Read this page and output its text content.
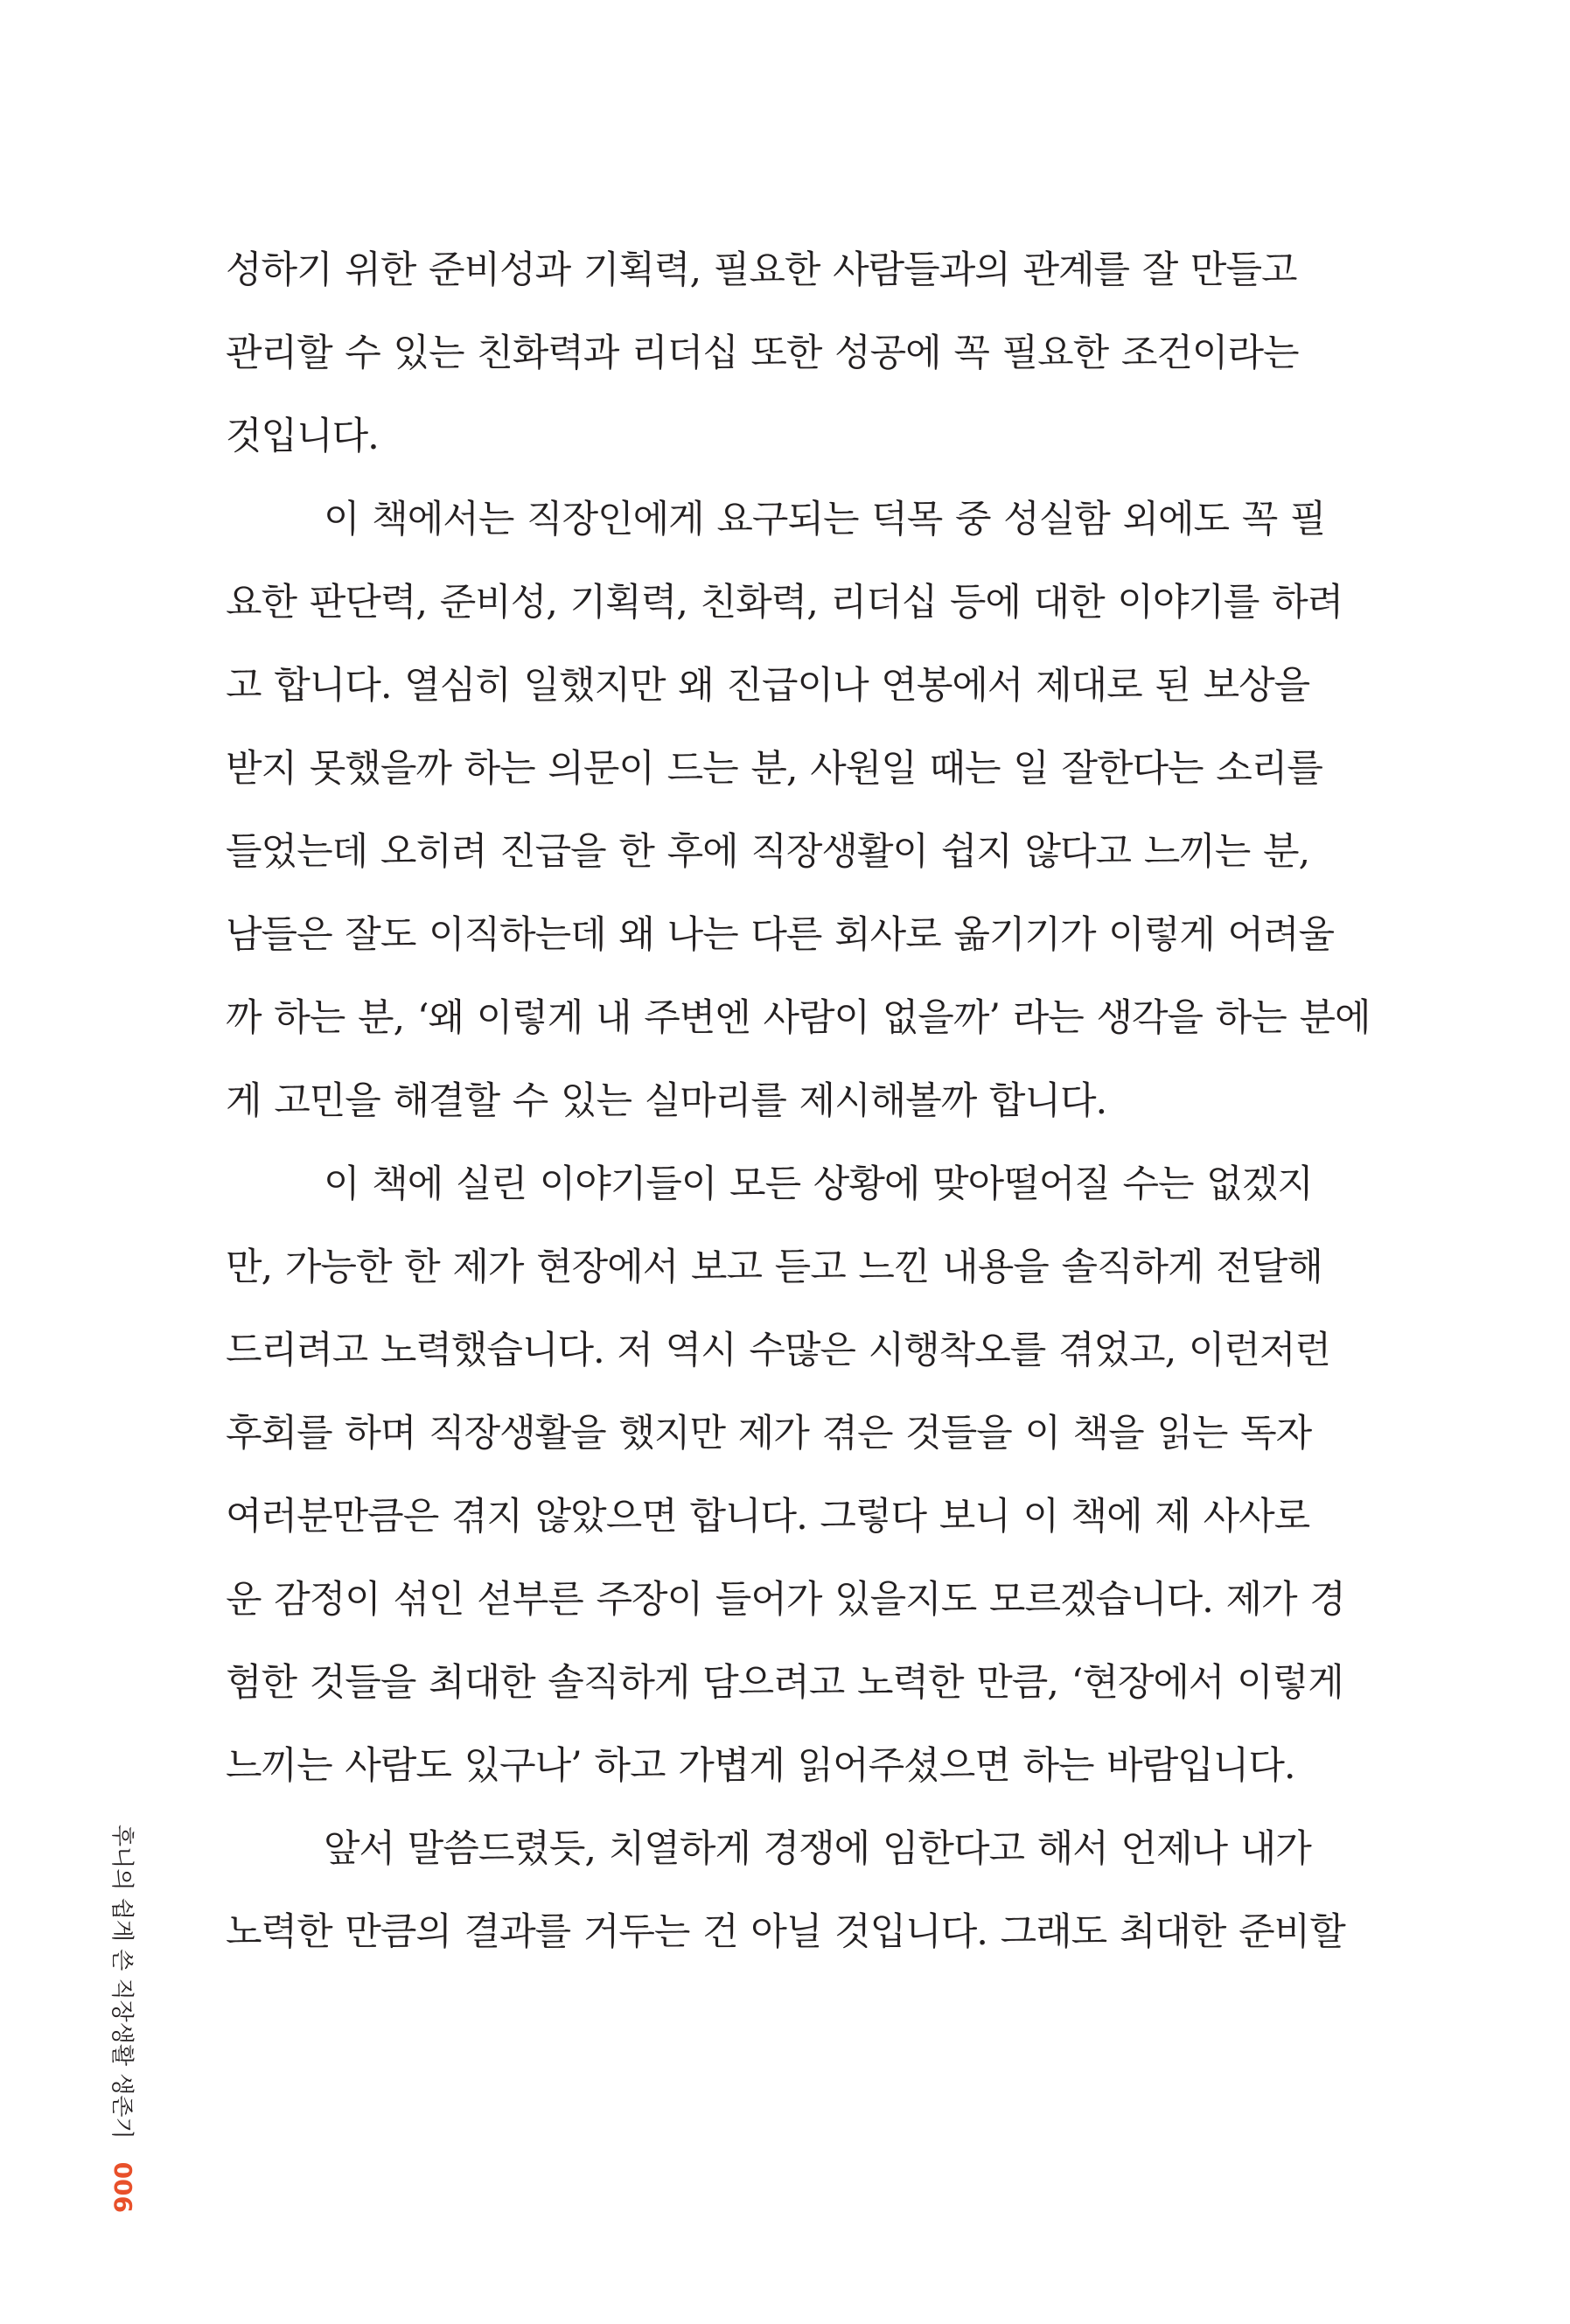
성하기 위한 준비성과 기획력, 필요한 사람들과의 관계를 잘 만들고
관리할 수 있는 친화력과 리더십 또한 성공에 꼭 필요한 조건이라는
것입니다.
이 책에서는 직장인에게 요구되는 덕목 중 성실함 외에도 꼭 필
요한 판단력, 준비성, 기획력, 친화력, 리더십 등에 대한 이야기를 하려
고 합니다. 열심히 일했지만 왜 진급이나 연봉에서 제대로 된 보상을
받지 못했을까 하는 의문이 드는 분, 사원일 때는 일 잘한다는 소리를
들었는데 오히려 진급을 한 후에 직장생활이 쉽지 않다고 느끼는 분,
남들은 잘도 이직하는데 왜 나는 다른 회사로 옮기기가 이렇게 어려울
까 하는 분, ‘왜 이렇게 내 주변엔 사람이 없을까’ 라는 생각을 하는 분에
게 고민을 해결할 수 있는 실마리를 제시해볼까 합니다.
이 책에 실린 이야기들이 모든 상황에 맞아떨어질 수는 없겠지
만, 가능한 한 제가 현장에서 보고 듣고 느낀 내용을 솔직하게 전달해
드리려고 노력했습니다. 저 역시 수많은 시행착오를 겪었고, 이런저런
후회를 하며 직장생활을 했지만 제가 겪은 것들을 이 책을 읽는 독자
여러분만큼은 겪지 않았으면 합니다. 그렇다 보니 이 책에 제 사사로
운 감정이 섞인 섣부른 주장이 들어가 있을지도 모르겠습니다. 제가 경
험한 것들을 최대한 솔직하게 담으려고 노력한 만큼, ‘현장에서 이렇게
느끼는 사람도 있구나’ 하고 가볍게 읽어주셨으면 하는 바람입니다.
앞서 말씀드렸듯, 치열하게 경쟁에 임한다고 해서 언제나 내가
노력한 만큼의 결과를 거두는 건 아닐 것입니다. 그래도 최대한 준비할
후니의 쉽게 쓴 직장생활 생존기006
